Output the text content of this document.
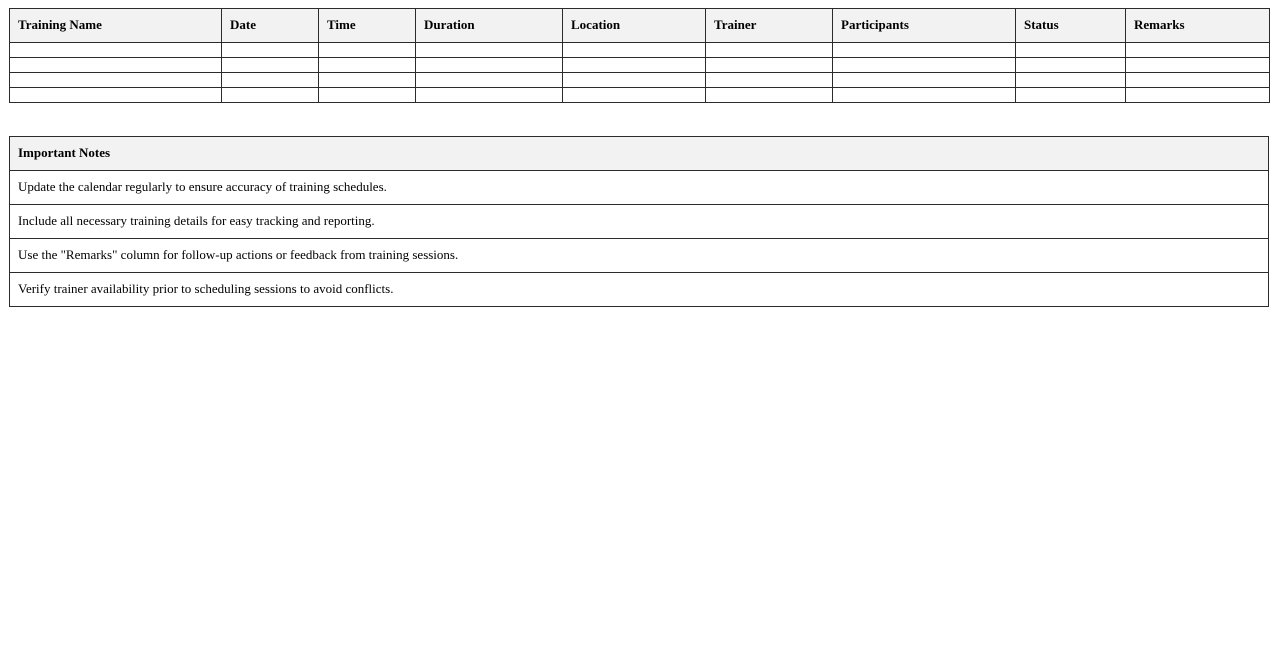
Training Name	Date	Time	Duration	Location	Trainer	Participants	Status	Remarks

Important Notes
Update the calendar regularly to ensure accuracy of training schedules.
Include all necessary training details for easy tracking and reporting.
Use the "Remarks" column for follow-up actions or feedback from training sessions.
Verify trainer availability prior to scheduling sessions to avoid conflicts.
